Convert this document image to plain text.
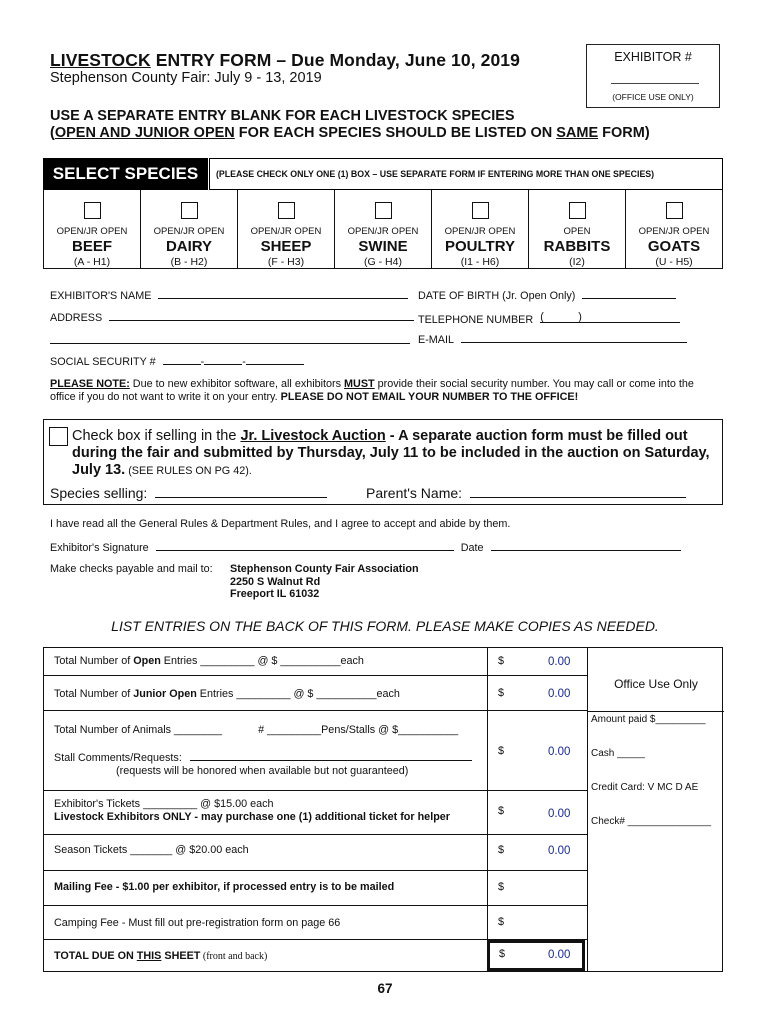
LIVESTOCK ENTRY FORM – Due Monday, June 10, 2019
Stephenson County Fair: July 9 - 13, 2019
EXHIBITOR #
(OFFICE USE ONLY)
USE A SEPARATE ENTRY BLANK FOR EACH LIVESTOCK SPECIES
(OPEN AND JUNIOR OPEN FOR EACH SPECIES SHOULD BE LISTED ON SAME FORM)
SELECT SPECIES	(PLEASE CHECK ONLY ONE (1) BOX – USE SEPARATE FORM IF ENTERING MORE THAN ONE SPECIES)
OPEN/JR OPEN
BEEF
(A - H1)
OPEN/JR OPEN
DAIRY
(B - H2)
OPEN/JR OPEN
SHEEP
(F - H3)
OPEN/JR OPEN
SWINE
(G - H4)
OPEN/JR OPEN
POULTRY
(I1 - H6)
OPEN
RABBITS
(I2)
OPEN/JR OPEN
GOATS
(U - H5)
EXHIBITOR'S NAME	DATE OF BIRTH (Jr. Open Only)
ADDRESS	TELEPHONE NUMBER (	)
E-MAIL
SOCIAL SECURITY #	-	-
PLEASE NOTE: Due to new exhibitor software, all exhibitors MUST provide their social security number. You may call or come into the office if you do not want to write it on your entry. PLEASE DO NOT EMAIL YOUR NUMBER TO THE OFFICE!
Check box if selling in the Jr. Livestock Auction - A separate auction form must be filled out during the fair and submitted by Thursday, July 11 to be included in the auction on Saturday, July 13. (SEE RULES ON PG 42).
Species selling:	Parent's Name:
I have read all the General Rules & Department Rules, and I agree to accept and abide by them.
Exhibitor's Signature	Date
Make checks payable and mail to: Stephenson County Fair Association
2250 S Walnut Rd
Freeport IL 61032
LIST ENTRIES ON THE BACK OF THIS FORM. PLEASE MAKE COPIES AS NEEDED.
Total Number of Open Entries _________ @ $ __________each	$	0.00
Total Number of Junior Open Entries _________ @ $ __________each	$	0.00
Total Number of Animals ________	# _________Pens/Stalls @ $__________
Stall Comments/Requests:
(requests will be honored when available but not guaranteed)
$	0.00
Exhibitor's Tickets _________ @ $15.00 each
Livestock Exhibitors ONLY - may purchase one (1) additional ticket for helper	$	0.00
Season Tickets _______ @ $20.00 each	$	0.00
Mailing Fee - $1.00 per exhibitor, if processed entry is to be mailed	$
Camping Fee - Must fill out pre-registration form on page 66	$
TOTAL DUE ON THIS SHEET (front and back)	$	0.00
Office Use Only
Amount paid $_________
Cash _____
Credit Card: V MC D AE
Check# _______________
67
